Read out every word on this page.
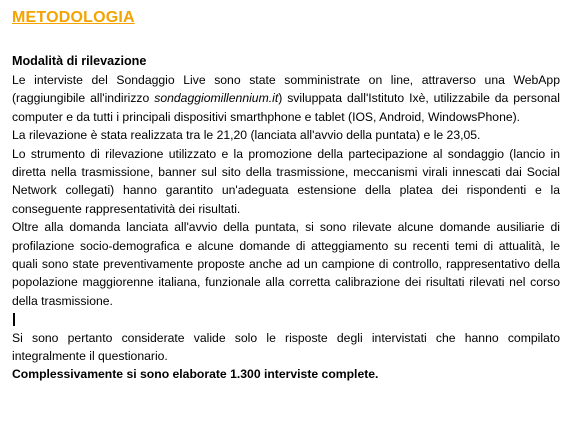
METODOLOGIA
Modalità di rilevazione

Le interviste del Sondaggio Live sono state somministrate on line, attraverso una WebApp (raggiungibile all'indirizzo sondaggiomillennium.it) sviluppata dall'Istituto Ixè, utilizzabile da personal computer e da tutti i principali dispositivi smarthphone e tablet (IOS, Android, WindowsPhone).

La rilevazione è stata realizzata tra le 21,20 (lanciata all'avvio della puntata) e le 23,05.

Lo strumento di rilevazione utilizzato e la promozione della partecipazione al sondaggio (lancio in diretta nella trasmissione, banner sul sito della trasmissione, meccanismi virali innescati dai Social Network collegati) hanno garantito un'adeguata estensione della platea dei rispondenti e la conseguente rappresentatività dei risultati.

Oltre alla domanda lanciata all'avvio della puntata, si sono rilevate alcune domande ausiliarie di profilazione socio-demografica e alcune domande di atteggiamento su recenti temi di attualità, le quali sono state preventivamente proposte anche ad un campione di controllo, rappresentativo della popolazione maggiorenne italiana, funzionale alla corretta calibrazione dei risultati rilevati nel corso della trasmissione.

Si sono pertanto considerate valide solo le risposte degli intervistati che hanno compilato integralmente il questionario.

Complessivamente si sono elaborate 1.300 interviste complete.
